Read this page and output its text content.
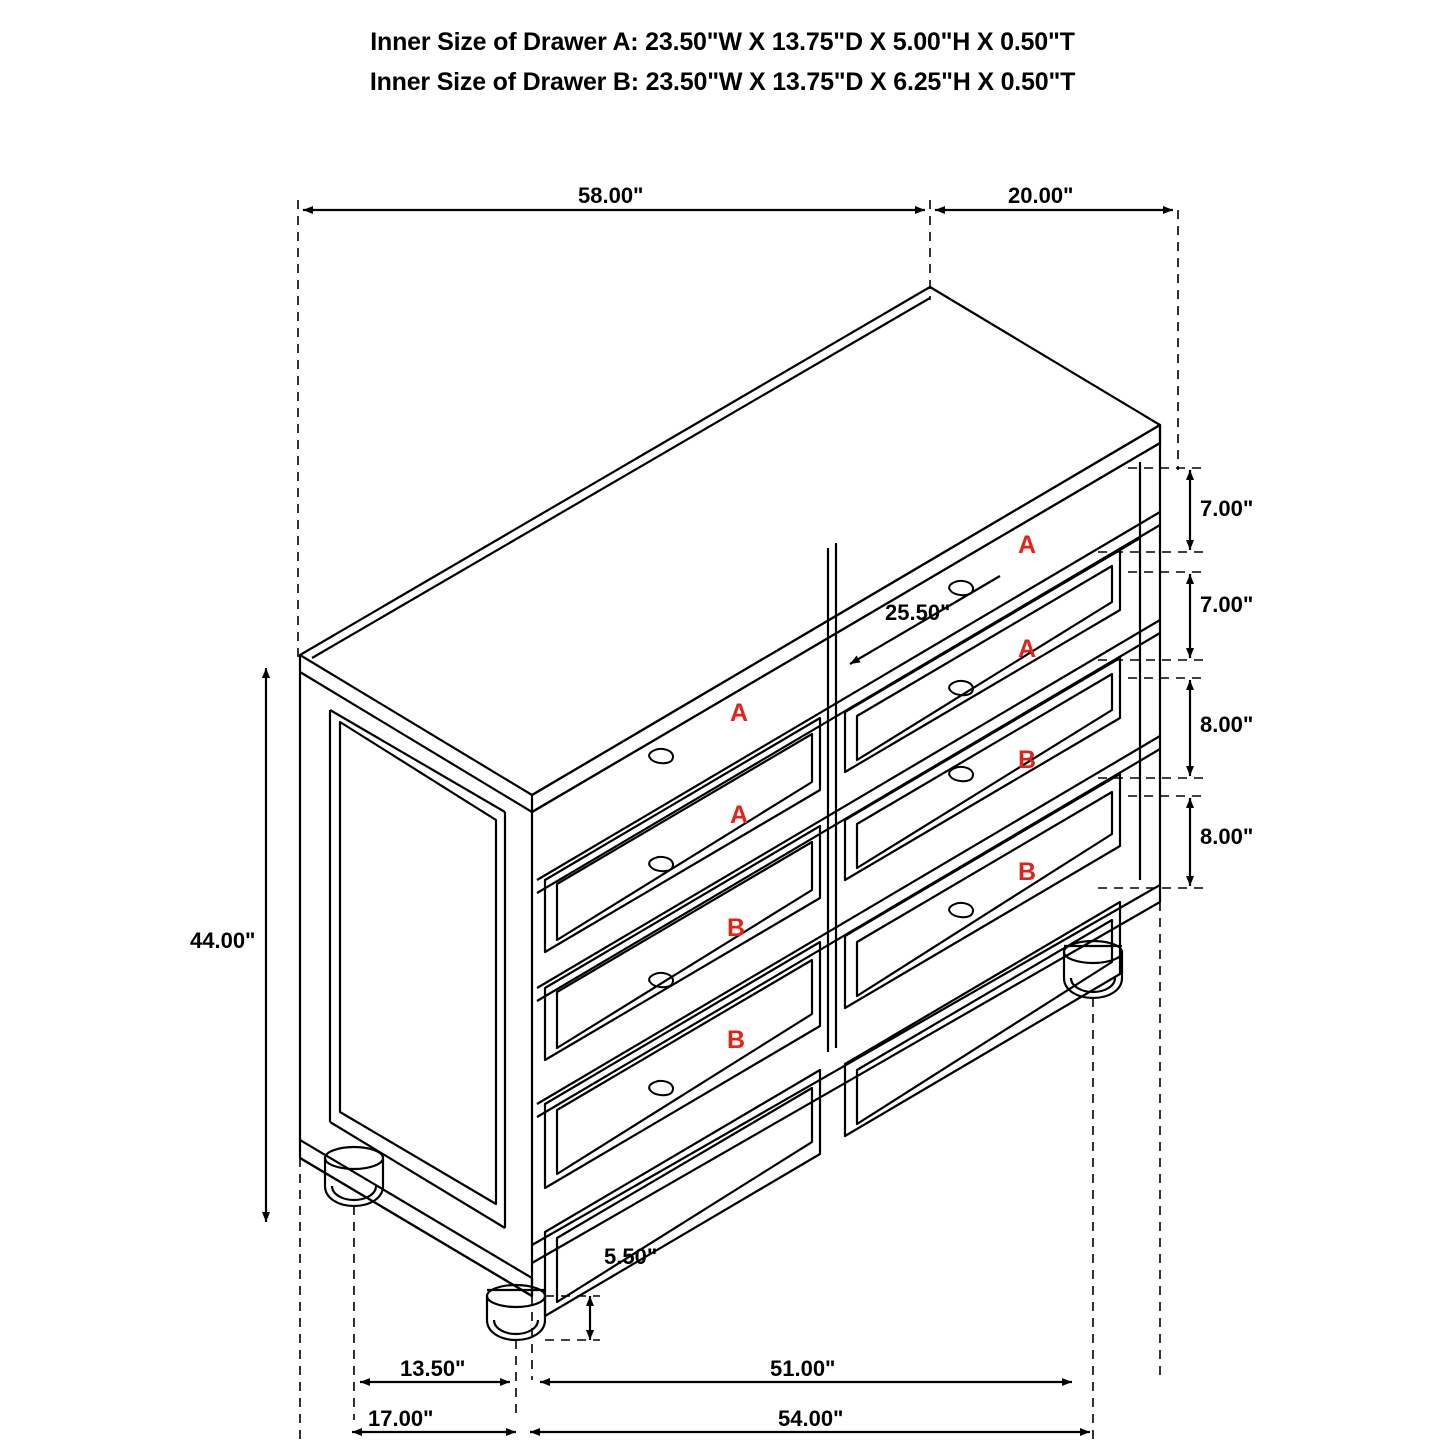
Inner Size of Drawer A: 23.50"W X 13.75"D X 5.00"H X 0.50"T
Inner Size of Drawer B: 23.50"W X 13.75"D X 6.25"H X 0.50"T
58.00"	20.00"
44.00"
7.00"
7.00"
8.00"
8.00"
25.50"
5.50"
13.50"	51.00"
17.00"	54.00"
A
A
B
B
A
A
B
B
